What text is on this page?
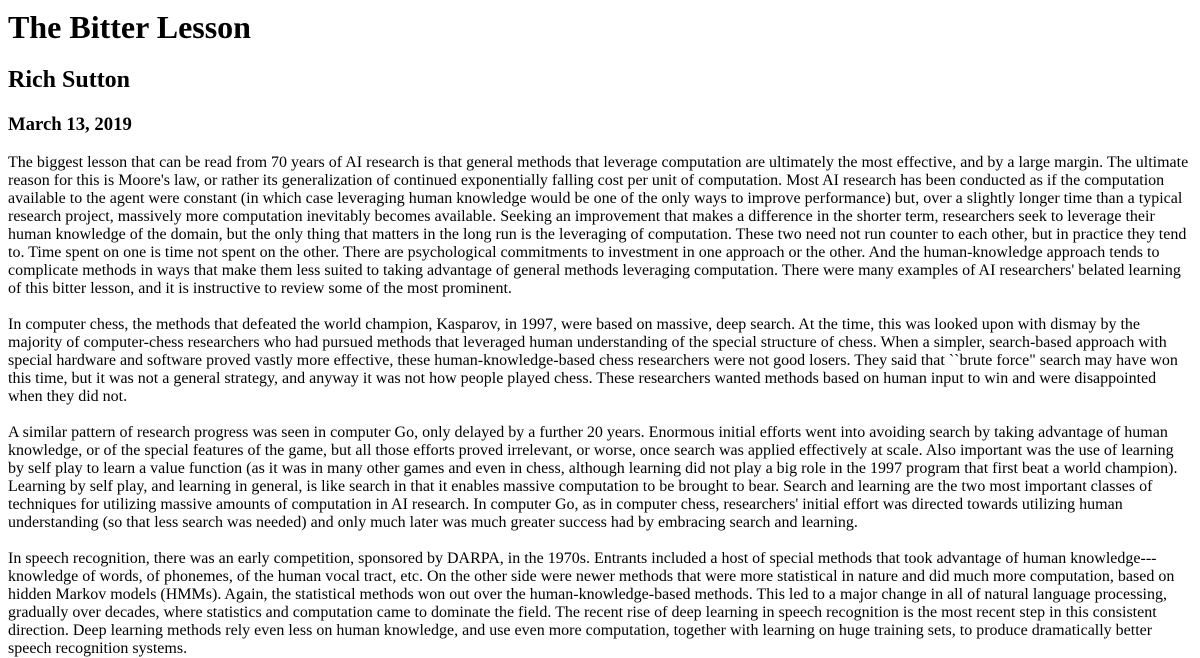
The Bitter Lesson
Rich Sutton
March 13, 2019

The biggest lesson that can be read from 70 years of AI research is that general methods that leverage computation are ultimately the most effective, and by a large margin. The ultimate reason for this is Moore's law, or rather its generalization of continued exponentially falling cost per unit of computation. Most AI research has been conducted as if the computation available to the agent were constant (in which case leveraging human knowledge would be one of the only ways to improve performance) but, over a slightly longer time than a typical research project, massively more computation inevitably becomes available. Seeking an improvement that makes a difference in the shorter term, researchers seek to leverage their human knowledge of the domain, but the only thing that matters in the long run is the leveraging of computation. These two need not run counter to each other, but in practice they tend to. Time spent on one is time not spent on the other. There are psychological commitments to investment in one approach or the other. And the human-knowledge approach tends to complicate methods in ways that make them less suited to taking advantage of general methods leveraging computation. There were many examples of AI researchers' belated learning of this bitter lesson, and it is instructive to review some of the most prominent.

In computer chess, the methods that defeated the world champion, Kasparov, in 1997, were based on massive, deep search. At the time, this was looked upon with dismay by the majority of computer-chess researchers who had pursued methods that leveraged human understanding of the special structure of chess. When a simpler, search-based approach with special hardware and software proved vastly more effective, these human-knowledge-based chess researchers were not good losers. They said that ``brute force" search may have won this time, but it was not a general strategy, and anyway it was not how people played chess. These researchers wanted methods based on human input to win and were disappointed when they did not.

A similar pattern of research progress was seen in computer Go, only delayed by a further 20 years. Enormous initial efforts went into avoiding search by taking advantage of human knowledge, or of the special features of the game, but all those efforts proved irrelevant, or worse, once search was applied effectively at scale. Also important was the use of learning by self play to learn a value function (as it was in many other games and even in chess, although learning did not play a big role in the 1997 program that first beat a world champion). Learning by self play, and learning in general, is like search in that it enables massive computation to be brought to bear. Search and learning are the two most important classes of techniques for utilizing massive amounts of computation in AI research. In computer Go, as in computer chess, researchers' initial effort was directed towards utilizing human understanding (so that less search was needed) and only much later was much greater success had by embracing search and learning.

In speech recognition, there was an early competition, sponsored by DARPA, in the 1970s. Entrants included a host of special methods that took advantage of human knowledge---knowledge of words, of phonemes, of the human vocal tract, etc. On the other side were newer methods that were more statistical in nature and did much more computation, based on hidden Markov models (HMMs). Again, the statistical methods won out over the human-knowledge-based methods. This led to a major change in all of natural language processing, gradually over decades, where statistics and computation came to dominate the field. The recent rise of deep learning in speech recognition is the most recent step in this consistent direction. Deep learning methods rely even less on human knowledge, and use even more computation, together with learning on huge training sets, to produce dramatically better speech recognition systems.
